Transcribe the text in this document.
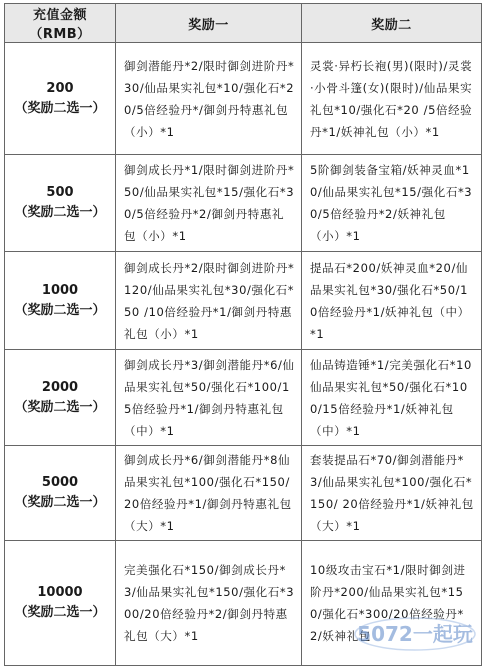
充值金额（RMB）	奖励一	奖励二

200
（奖励二选一）	御剑潜能丹*2/限时御剑进阶丹*30/仙品果实礼包*10/强化石*20/5倍经验丹*/御剑丹特惠礼包（小）*1	灵裳·异朽长袍(男)(限时)/灵裳·小骨斗篷(女)(限时)/仙品果实礼包*10/强化石*20 /5倍经验丹*1/妖神礼包（小）*1

500
（奖励二选一）	御剑成长丹*1/限时御剑进阶丹*50/仙品果实礼包*15/强化石*30/5倍经验丹*2/御剑丹特惠礼包（小）*1	5阶御剑装备宝箱/妖神灵血*10/仙品果实礼包*15/强化石*30/5倍经验丹*2/妖神礼包（小）*1

1000
（奖励二选一）	御剑成长丹*2/限时御剑进阶丹*120/仙品果实礼包*30/强化石*50 /10倍经验丹*1/御剑丹特惠礼包（小）*1	提品石*200/妖神灵血*20/仙品果实礼包*30/强化石*50/10倍经验丹*1/妖神礼包（中）*1

2000
（奖励二选一）	御剑成长丹*3/御剑潜能丹*6/仙品果实礼包*50/强化石*100/15倍经验丹*1/御剑丹特惠礼包（中）*1	仙品铸造锤*1/完美强化石*10 仙品果实礼包*50/强化石*100/15倍经验丹*1/妖神礼包（中）*1

5000
（奖励二选一）	御剑成长丹*6/御剑潜能丹*8仙品果实礼包*100/强化石*150/20倍经验丹*1/御剑丹特惠礼包（大）*1	套装提品石*70/御剑潜能丹*3/仙品果实礼包*100/强化石*150/ 20倍经验丹*1/妖神礼包（大）*1

10000
（奖励二选一）	完美强化石*150/御剑成长丹*3/仙品果实礼包*150/强化石*300/20倍经验丹*2/御剑丹特惠礼包（大）*1	10级攻击宝石*1/限时御剑进阶丹*200/仙品果实礼包*150/强化石*300/20倍经验丹*2/妖神礼包
5072一起玩
